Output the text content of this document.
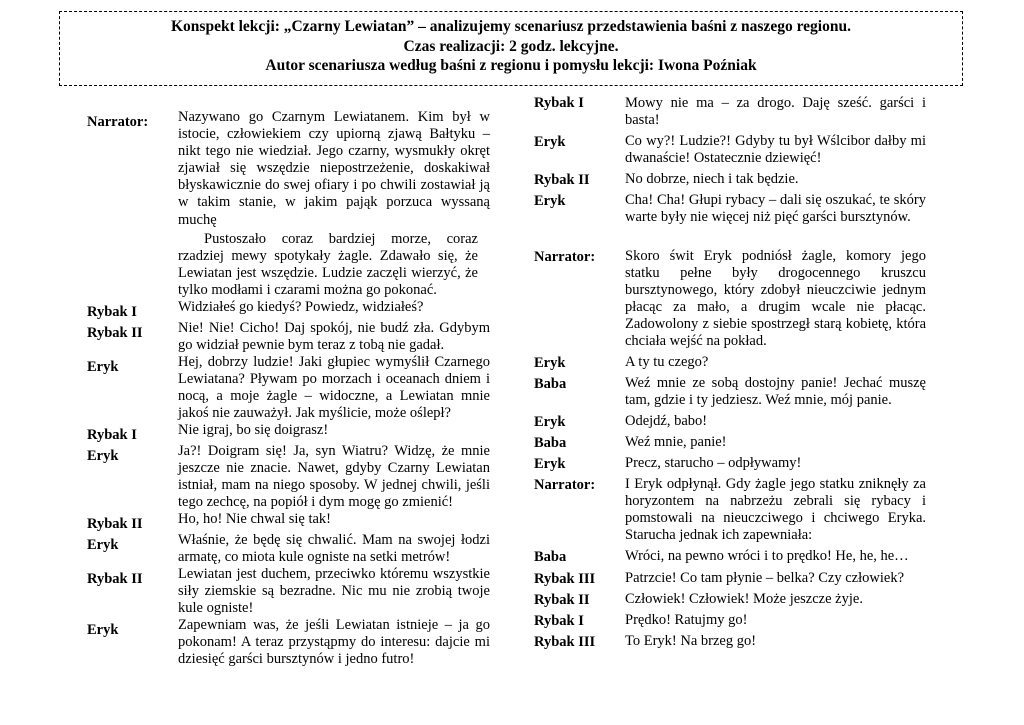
Konspekt lekcji: „Czarny Lewiatan” – analizujemy scenariusz przedstawienia baśni z naszego regionu.
Czas realizacji: 2 godz. lekcyjne.
Autor scenariusza według baśni z regionu i pomysłu lekcji: Iwona Poźniak
Narrator: Nazywano go Czarnym Lewiatanem. Kim był w istocie, człowiekiem czy upiorną zjawą Bałtyku – nikt tego nie wiedział. Jego czarny, wysmukły okręt zjawiał się wszędzie niepostrzeżenie, doskakiwał błyskawicznie do swej ofiary i po chwili zostawiał ją w takim stanie, w jakim pająk porzuca wyssaną muchę
Pustoszało coraz bardziej morze, coraz rzadziej mewy spotykały żagle. Zdawało się, że Lewiatan jest wszędzie. Ludzie zaczęli wierzyć, że tylko modłami i czarami można go pokonać.
Rybak I	Widziałeś go kiedyś? Powiedz, widziałeś?
Rybak II Nie! Nie! Cicho! Daj spokój, nie budź zła. Gdybym go widział pewnie bym teraz z tobą nie gadał.
Eryk	Hej, dobrzy ludzie! Jaki głupiec wymyślił Czarnego Lewiatana? Pływam po morzach i oceanach dniem i nocą, a moje żagle – widoczne, a Lewiatan mnie jakoś nie zauważył. Jak myślicie, może oślepł?
Rybak I	Nie igraj, bo się doigrasz!
Eryk	Ja?! Doigram się! Ja, syn Wiatru? Widzę, że mnie jeszcze nie znacie. Nawet, gdyby Czarny Lewiatan istniał, mam na niego sposoby. W jednej chwili, jeśli tego zechcę, na popiół i dym mogę go zmienić!
Rybak II Ho, ho! Nie chwal się tak!
Eryk	Właśnie, że będę się chwalić. Mam na swojej łodzi armatę, co miota kule ogniste na setki metrów!
Rybak II Lewiatan jest duchem, przeciwko któremu wszystkie siły ziemskie są bezradne. Nic mu nie zrobią twoje kule ogniste!
Eryk	Zapewniam was, że jeśli Lewiatan istnieje – ja go pokonam! A teraz przystąpmy do interesu: dajcie mi dziesięć garści bursztynów i jedno futro!
Rybak I	Mowy nie ma – za drogo. Daję sześć. garści i basta!
Eryk	Co wy?! Ludzie?! Gdyby tu był Wślcibor dałby mi dwanaście! Ostatecznie dziewięć!
Rybak II No dobrze, niech i tak będzie.
Eryk	Cha! Cha! Głupi rybacy – dali się oszukać, te skóry warte były nie więcej niż pięć garści bursztynów.
Narrator: Skoro świt Eryk podniósł żagle, komory jego statku pełne były drogocennego kruszcu bursztynowego, który zdobył nieuczciwie jednym płacąc za mało, a drugim wcale nie płacąc. Zadowolony z siebie spostrzegł starą kobietę, która chciała wejść na pokład.
Eryk	A ty tu czego?
Baba	Weź mnie ze sobą dostojny panie! Jechać muszę tam, gdzie i ty jedziesz. Weź mnie, mój panie.
Eryk	Odejdź, babo!
Baba	Weź mnie, panie!
Eryk	Precz, starucho – odpływamy!
Narrator: I Eryk odpłynął. Gdy żagle jego statku zniknęły za horyzontem na nabrzeżu zebrali się rybacy i pomstowali na nieuczciwego i chciwego Eryka. Starucha jednak ich zapewniała:
Baba	Wróci, na pewno wróci i to prędko! He, he, he…
Rybak III Patrzcie! Co tam płynie – belka? Czy człowiek?
Rybak II Człowiek! Człowiek! Może jeszcze żyje.
Rybak I	Prędko! Ratujmy go!
Rybak III To Eryk! Na brzeg go!
